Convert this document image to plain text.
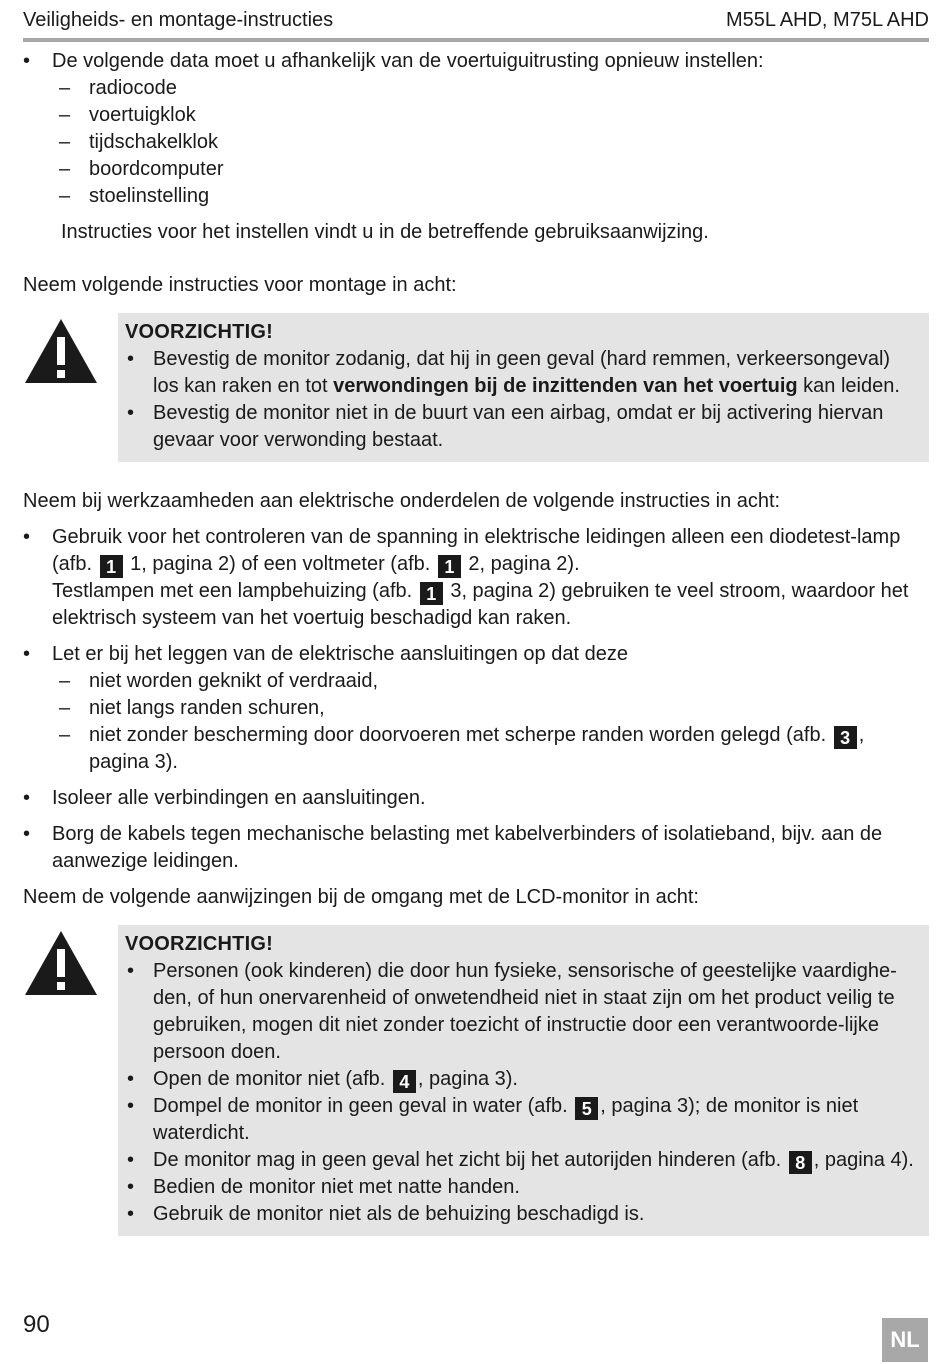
Veiligheids- en montage-instructies	M55L AHD, M75L AHD
• De volgende data moet u afhankelijk van de voertuiguitrusting opnieuw instellen:
– radiocode
– voertuigklok
– tijdschakelklok
– boordcomputer
– stoelinstelling

Instructies voor het instellen vindt u in de betreffende gebruiksaanwijzing.

Neem volgende instructies voor montage in acht:

VOORZICHTIG!
• Bevestig de monitor zodanig, dat hij in geen geval (hard remmen, verkeersongeval) los kan raken en tot verwondingen bij de inzittenden van het voertuig kan leiden.
• Bevestig de monitor niet in de buurt van een airbag, omdat er bij activering hiervan gevaar voor verwonding bestaat.

Neem bij werkzaamheden aan elektrische onderdelen de volgende instructies in acht:

• Gebruik voor het controleren van de spanning in elektrische leidingen alleen een diodetest-lamp (afb. 1 1, pagina 2) of een voltmeter (afb. 1 2, pagina 2).
Testlampen met een lampbehuizing (afb. 1 3, pagina 2) gebruiken te veel stroom, waardoor het elektrisch systeem van het voertuig beschadigd kan raken.
• Let er bij het leggen van de elektrische aansluitingen op dat deze
– niet worden geknikt of verdraaid,
– niet langs randen schuren,
– niet zonder bescherming door doorvoeren met scherpe randen worden gelegd (afb. 3 , pagina 3).
• Isoleer alle verbindingen en aansluitingen.
• Borg de kabels tegen mechanische belasting met kabelverbinders of isolatieband, bijv. aan de aanwezige leidingen.

Neem de volgende aanwijzingen bij de omgang met de LCD-monitor in acht:

VOORZICHTIG!
• Personen (ook kinderen) die door hun fysieke, sensorische of geestelijke vaardighe-den, of hun onervarenheid of onwetendheid niet in staat zijn om het product veilig te gebruiken, mogen dit niet zonder toezicht of instructie door een verantwoorde-lijke persoon doen.
• Open de monitor niet (afb. 4 , pagina 3).
• Dompel de monitor in geen geval in water (afb. 5 , pagina 3); de monitor is niet waterdicht.
• De monitor mag in geen geval het zicht bij het autorijden hinderen (afb. 8 , pagina 4).
• Bedien de monitor niet met natte handen.
• Gebruik de monitor niet als de behuizing beschadigd is.
90
NL
